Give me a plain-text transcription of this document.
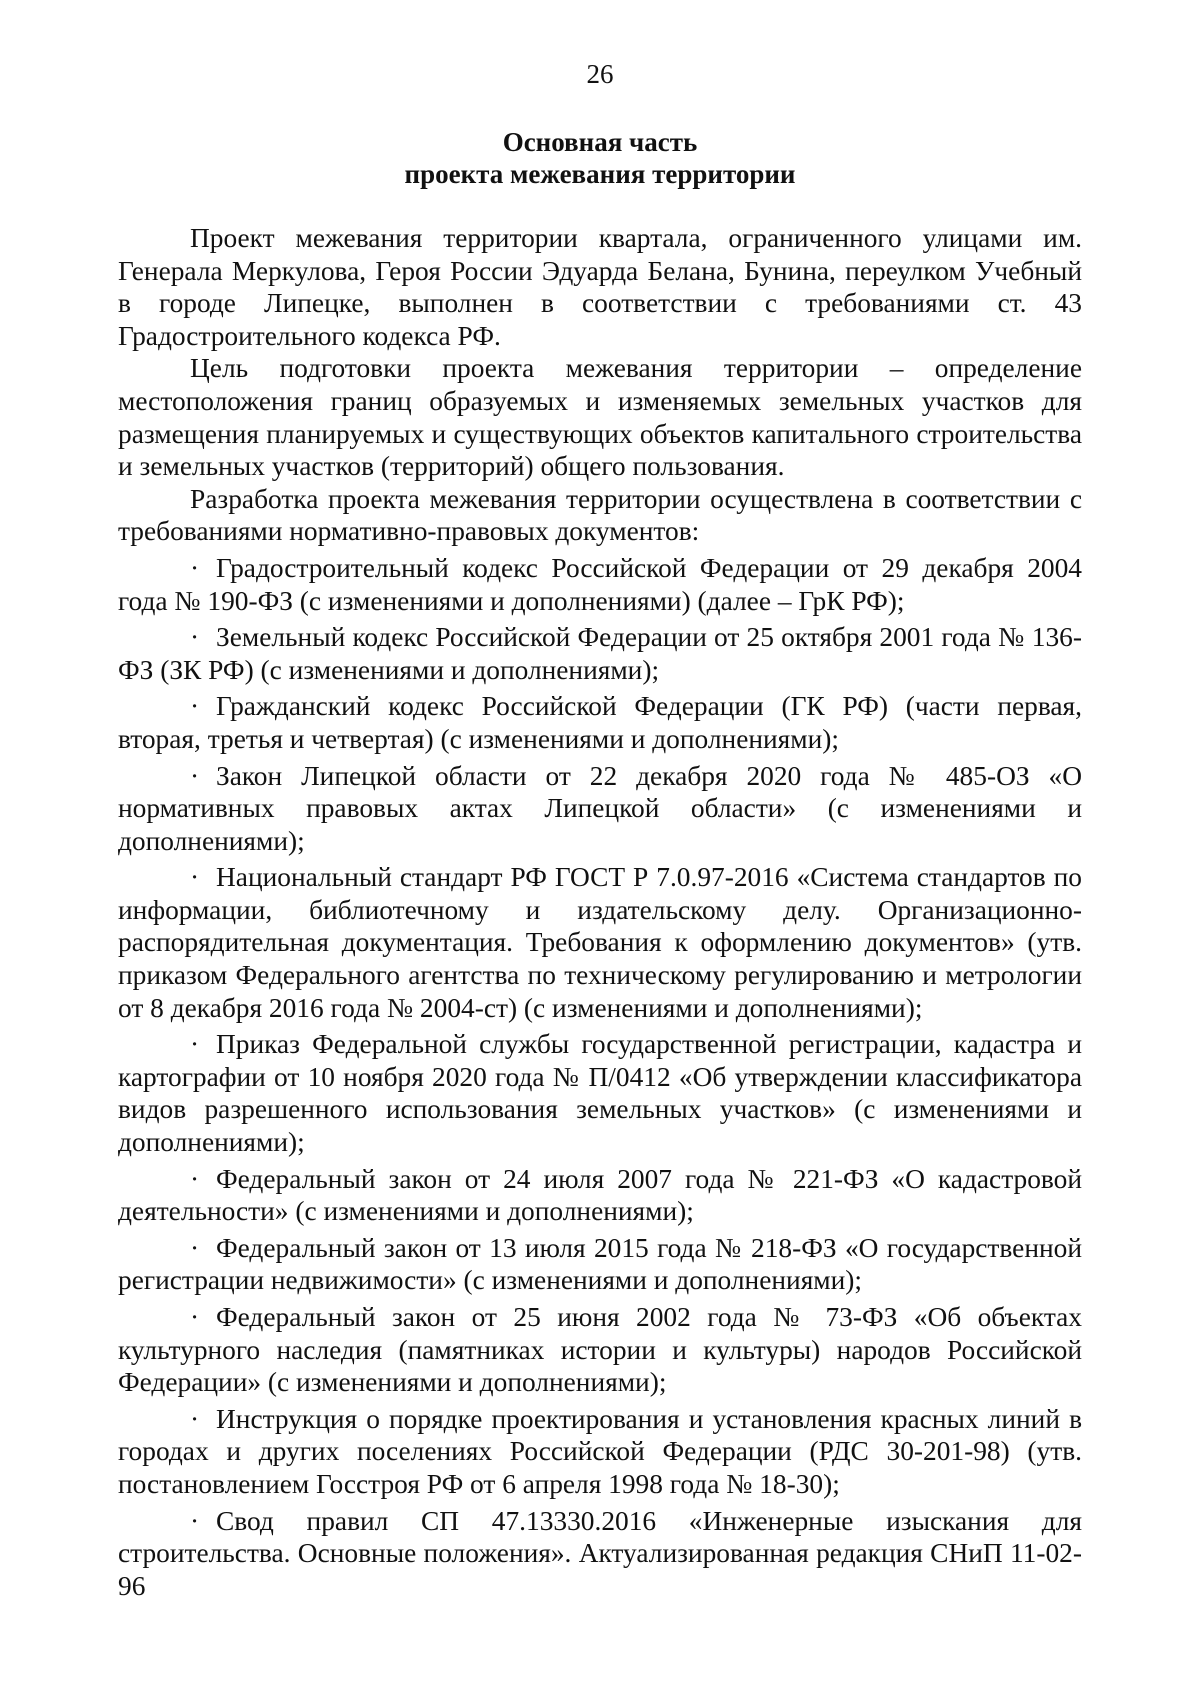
26
Основная часть
проекта межевания территории

Проект межевания территории квартала, ограниченного улицами им. Генерала Меркулова, Героя России Эдуарда Белана, Бунина, переулком Учебный в городе Липецке, выполнен в соответствии с требованиями ст. 43 Градостроительного кодекса РФ.

Цель подготовки проекта межевания территории – определение местоположения границ образуемых и изменяемых земельных участков для размещения планируемых и существующих объектов капитального строительства и земельных участков (территорий) общего пользования.

Разработка проекта межевания территории осуществлена в соответствии с требованиями нормативно-правовых документов:

· Градостроительный кодекс Российской Федерации от 29 декабря 2004 года № 190-ФЗ (с изменениями и дополнениями) (далее – ГрК РФ);
· Земельный кодекс Российской Федерации от 25 октября 2001 года № 136-ФЗ (ЗК РФ) (с изменениями и дополнениями);
· Гражданский кодекс Российской Федерации (ГК РФ) (части первая, вторая, третья и четвертая) (с изменениями и дополнениями);
· Закон Липецкой области от 22 декабря 2020 года № 485-ОЗ «О нормативных правовых актах Липецкой области» (с изменениями и дополнениями);
· Национальный стандарт РФ ГОСТ Р 7.0.97-2016 «Система стандартов по информации, библиотечному и издательскому делу. Организационно-распорядительная документация. Требования к оформлению документов» (утв. приказом Федерального агентства по техническому регулированию и метрологии от 8 декабря 2016 года № 2004-ст) (с изменениями и дополнениями);
· Приказ Федеральной службы государственной регистрации, кадастра и картографии от 10 ноября 2020 года № П/0412 «Об утверждении классификатора видов разрешенного использования земельных участков» (с изменениями и дополнениями);
· Федеральный закон от 24 июля 2007 года № 221-ФЗ «О кадастровой деятельности» (с изменениями и дополнениями);
· Федеральный закон от 13 июля 2015 года № 218-ФЗ «О государственной регистрации недвижимости» (с изменениями и дополнениями);
· Федеральный закон от 25 июня 2002 года № 73-ФЗ «Об объектах культурного наследия (памятниках истории и культуры) народов Российской Федерации» (с изменениями и дополнениями);
· Инструкция о порядке проектирования и установления красных линий в городах и других поселениях Российской Федерации (РДС 30-201-98) (утв. постановлением Госстроя РФ от 6 апреля 1998 года № 18-30);
· Свод правил СП 47.13330.2016 «Инженерные изыскания для строительства. Основные положения». Актуализированная редакция СНиП 11-02-96
